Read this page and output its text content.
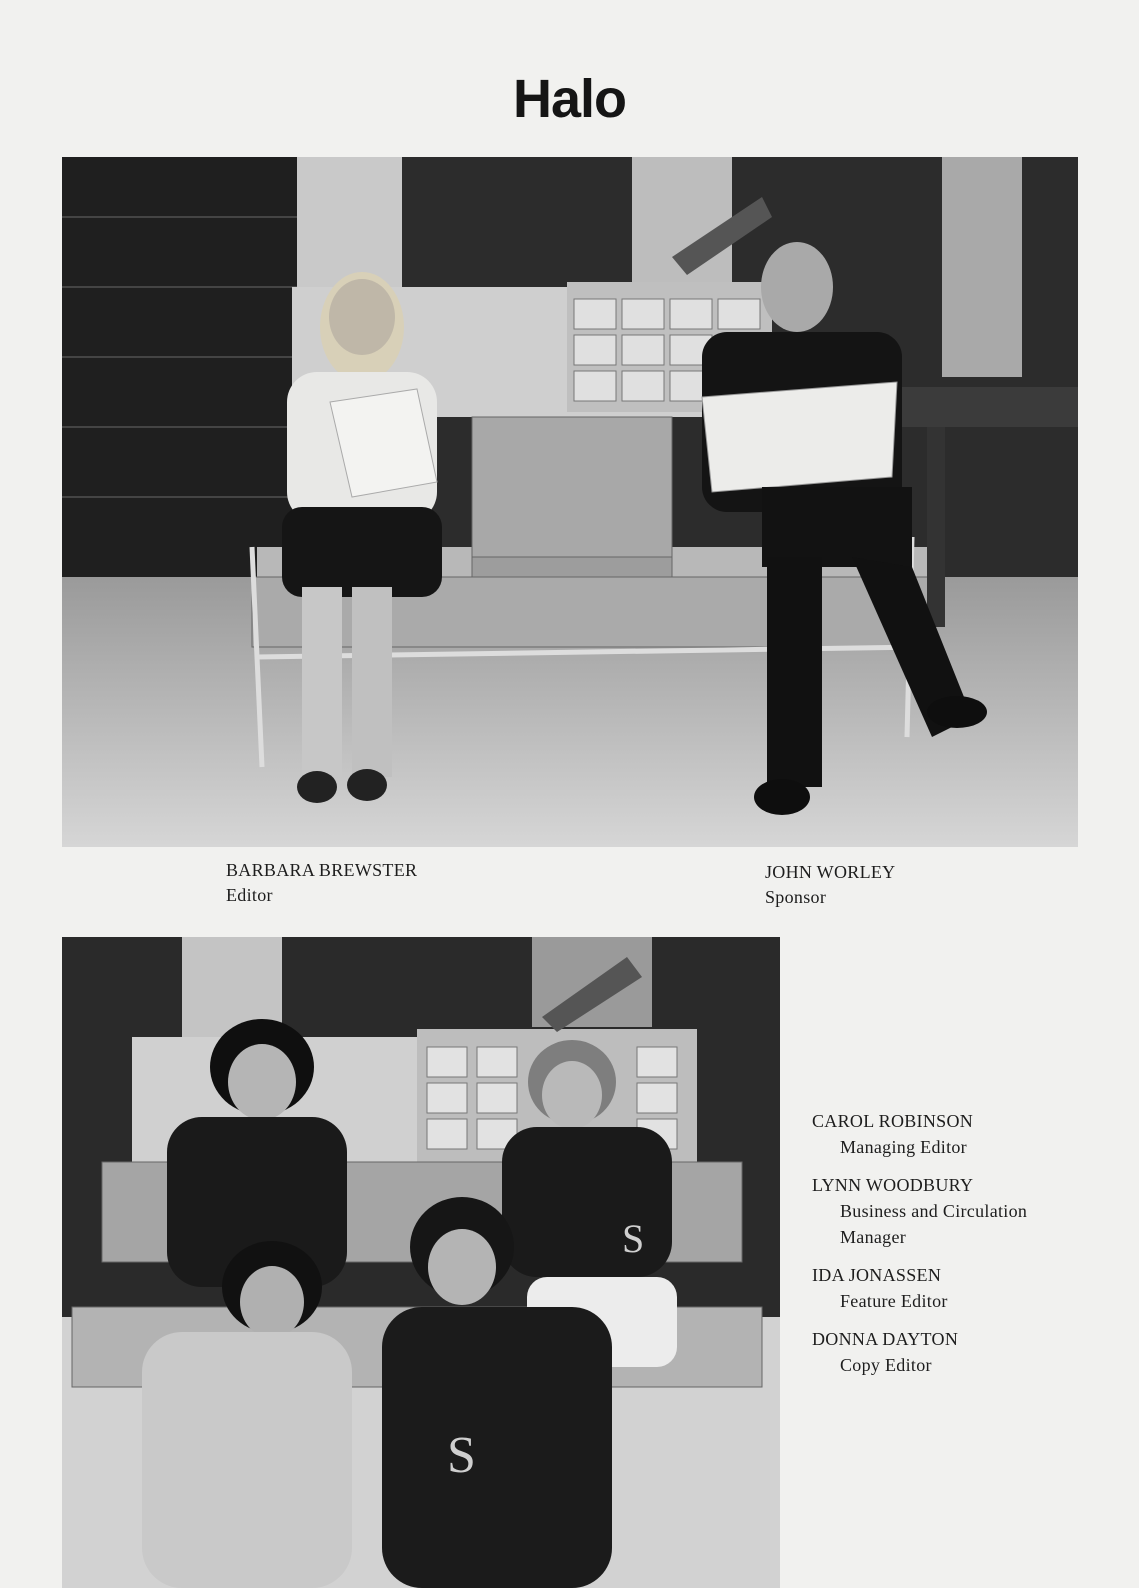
Halo
BARBARA BREWSTER
Editor
JOHN WORLEY
Sponsor
S
S
CAROL ROBINSON
Managing Editor
LYNN WOODBURY
Business and Circulation Manager
IDA JONASSEN
Feature Editor
DONNA DAYTON
Copy Editor
